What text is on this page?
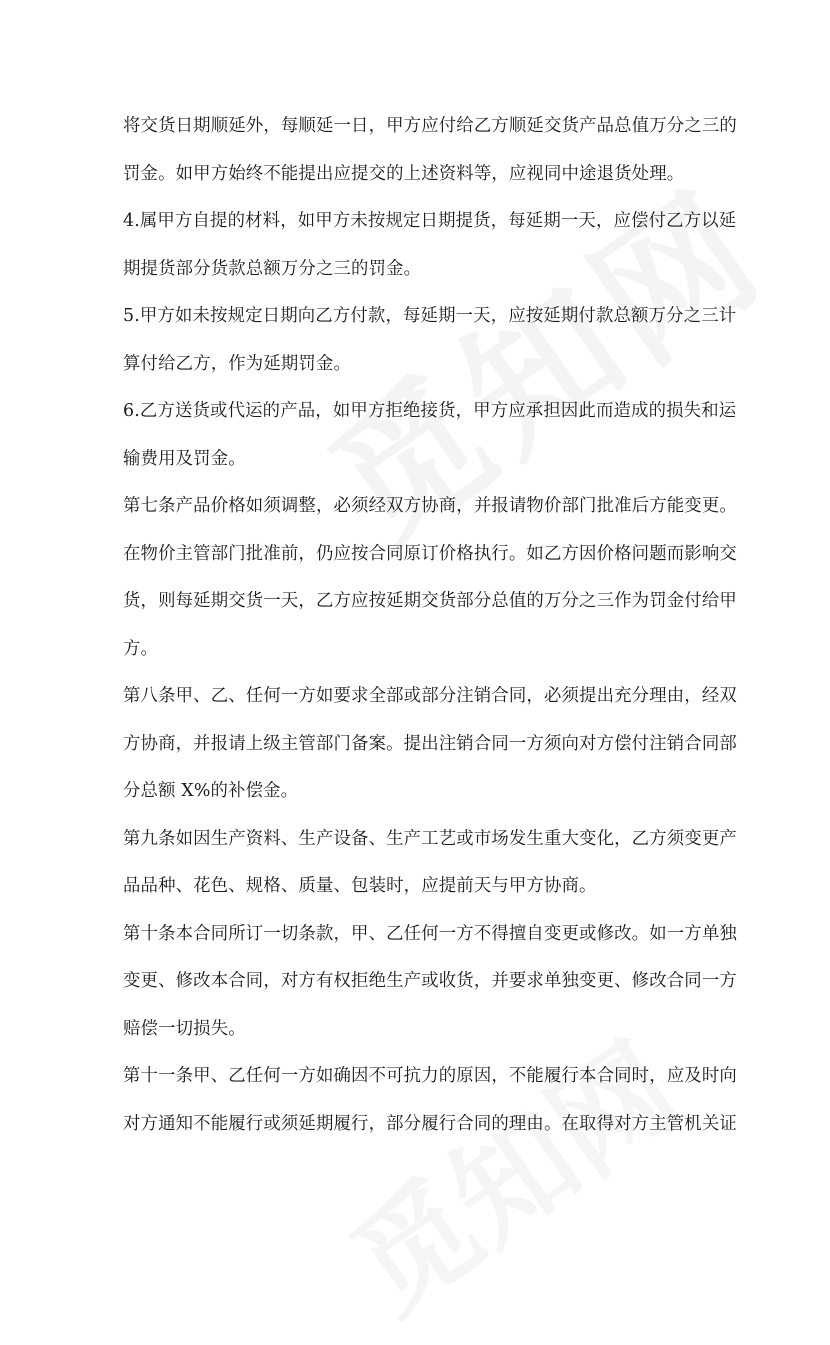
将交货日期顺延外，每顺延一日，甲方应付给乙方顺延交货产品总值万分之三的
罚金。如甲方始终不能提出应提交的上述资料等，应视同中途退货处理。
4.属甲方自提的材料，如甲方未按规定日期提货，每延期一天，应偿付乙方以延
期提货部分货款总额万分之三的罚金。
5.甲方如未按规定日期向乙方付款，每延期一天，应按延期付款总额万分之三计
算付给乙方，作为延期罚金。
6.乙方送货或代运的产品，如甲方拒绝接货，甲方应承担因此而造成的损失和运
输费用及罚金。
第七条产品价格如须调整，必须经双方协商，并报请物价部门批准后方能变更。
在物价主管部门批准前，仍应按合同原订价格执行。如乙方因价格问题而影响交
货，则每延期交货一天，乙方应按延期交货部分总值的万分之三作为罚金付给甲
方。
第八条甲、乙、任何一方如要求全部或部分注销合同，必须提出充分理由，经双
方协商，并报请上级主管部门备案。提出注销合同一方须向对方偿付注销合同部
分总额 X%的补偿金。
第九条如因生产资料、生产设备、生产工艺或市场发生重大变化，乙方须变更产
品品种、花色、规格、质量、包装时，应提前天与甲方协商。
第十条本合同所订一切条款，甲、乙任何一方不得擅自变更或修改。如一方单独
变更、修改本合同，对方有权拒绝生产或收货，并要求单独变更、修改合同一方
赔偿一切损失。
第十一条甲、乙任何一方如确因不可抗力的原因，不能履行本合同时，应及时向
对方通知不能履行或须延期履行，部分履行合同的理由。在取得对方主管机关证
